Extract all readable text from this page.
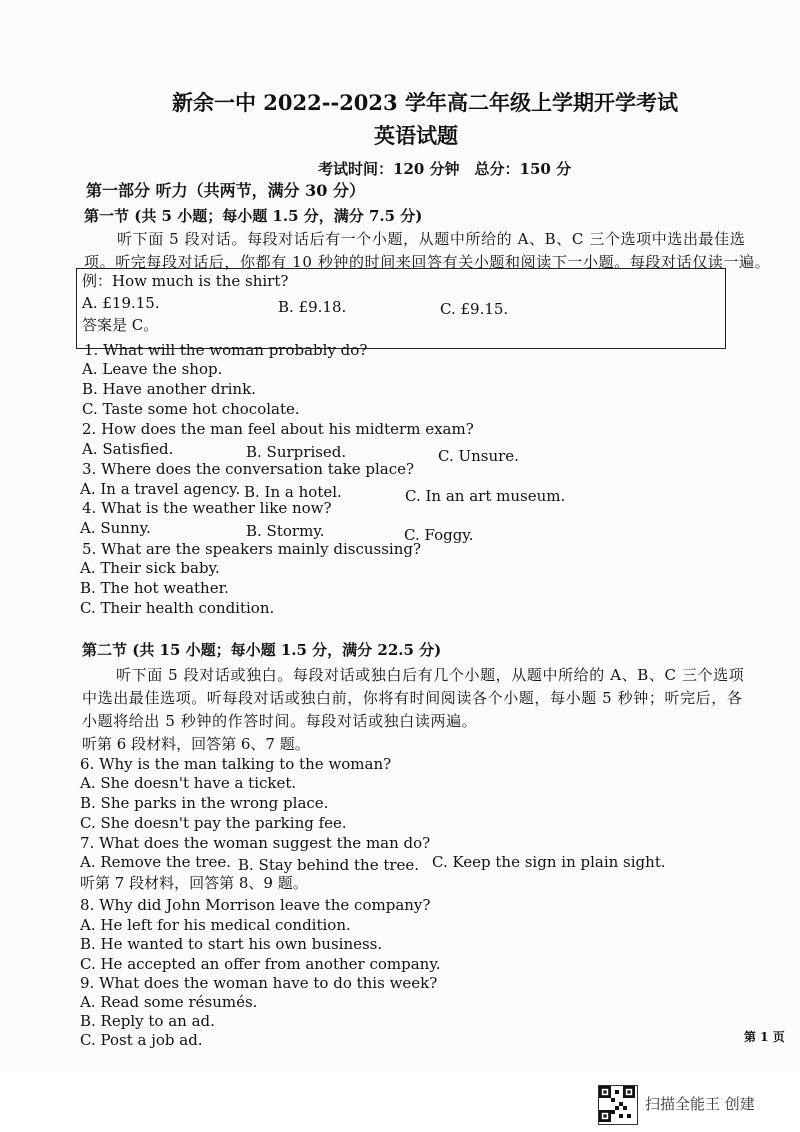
新余一中 2022--2023 学年高二年级上学期开学考试
英语试题
考试时间：120 分钟　总分：150 分
第一部分 听力（共两节，满分 30 分）
第一节 (共 5 小题；每小题 1.5 分，满分 7.5 分)
听下面 5 段对话。每段对话后有一个小题，从题中所给的 A、B、C 三个选项中选出最佳选
项。听完每段对话后，你都有 10 秒钟的时间来回答有关小题和阅读下一小题。每段对话仅读一遍。
例：How much is the shirt?
A. £19.15.	B. £9.18.	C. £9.15.
答案是 C。
1. What will the woman probably do?
A. Leave the shop.
B. Have another drink.
C. Taste some hot chocolate.
2. How does the man feel about his midterm exam?
A. Satisfied.	B. Surprised.	C. Unsure.
3. Where does the conversation take place?
A. In a travel agency. B. In a hotel.	C. In an art museum.
4. What is the weather like now?
A. Sunny.	B. Stormy.	C. Foggy.
5. What are the speakers mainly discussing?
A. Their sick baby.
B. The hot weather.
C. Their health condition.
第二节 (共 15 小题；每小题 1.5 分，满分 22.5 分)
听下面 5 段对话或独白。每段对话或独白后有几个小题，从题中所给的 A、B、C 三个选项
中选出最佳选项。听每段对话或独白前，你将有时间阅读各个小题，每小题 5 秒钟；听完后，各
小题将给出 5 秒钟的作答时间。每段对话或独白读两遍。
听第 6 段材料，回答第 6、7 题。
6. Why is the man talking to the woman?
A. She doesn't have a ticket.
B. She parks in the wrong place.
C. She doesn't pay the parking fee.
7. What does the woman suggest the man do?
A. Remove the tree. B. Stay behind the tree. C. Keep the sign in plain sight.
听第 7 段材料，回答第 8、9 题。
8. Why did John Morrison leave the company?
A. He left for his medical condition.
B. He wanted to start his own business.
C. He accepted an offer from another company.
9. What does the woman have to do this week?
A. Read some résumés.
B. Reply to an ad.
C. Post a job ad.	第 1 页
扫描全能王 创建
